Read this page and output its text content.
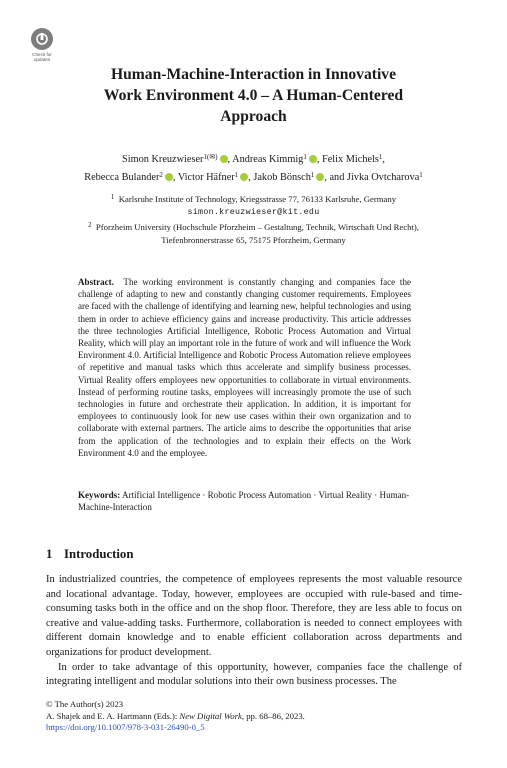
Check for
updates
Human-Machine-Interaction in Innovative
Work Environment 4.0 – A Human-Centered
Approach
Simon Kreuzwieser$^{1(✉)}$ , Andreas Kimmig$^1$ , Felix Michels$^1$,
Rebecca Bulander$^2$ , Victor Häfner$^1$ , Jakob Bönsch$^1$ , and Jivka Ovtcharova$^1$
$^1$ Karlsruhe Institute of Technology, Kriegsstrasse 77, 76133 Karlsruhe, Germany
simon.kreuzwieser@kit.edu
$^2$ Pforzheim University (Hochschule Pforzheim – Gestaltung, Technik, Wirtschaft Und Recht),
Tiefenbronnerstrasse 65, 75175 Pforzheim, Germany
Abstract. The working environment is constantly changing and companies face the challenge of adapting to new and constantly changing customer requirements. Employees are faced with the challenge of identifying and learning new, helpful technologies and using them in order to achieve efficiency gains and increase productivity. This article addresses the three technologies Artificial Intelligence, Robotic Process Automation and Virtual Reality, which will play an important role in the future of work and will influence the Work Environment 4.0. Artificial Intelligence and Robotic Process Automation relieve employees of repetitive and manual tasks which thus accelerate and simplify business processes. Virtual Reality offers employees new opportunities to collaborate in virtual environments. Instead of performing routine tasks, employees will increasingly promote the use of such technologies in future and orchestrate their application. In addition, it is important for employees to continuously look for new use cases within their own organization and to collaborate with external partners. The article aims to describe the opportunities that arise from the application of the technologies and to explain their effects on the Work Environment 4.0 and the employee.
Keywords: Artificial Intelligence · Robotic Process Automation · Virtual Reality · Human-Machine-Interaction
1 Introduction

In industrialized countries, the competence of employees represents the most valuable resource and locational advantage. Today, however, employees are occupied with rule-based and time-consuming tasks both in the office and on the shop floor. Therefore, they are less able to focus on creative and value-adding tasks. Furthermore, collaboration is needed to connect employees with different domain knowledge and to enable efficient collaboration across departments and organizations for product development.

In order to take advantage of this opportunity, however, companies face the challenge of integrating intelligent and modular solutions into their own business processes. The

© The Author(s) 2023
A. Shajek and E. A. Hartmann (Eds.): New Digital Work, pp. 68–86, 2023.
https://doi.org/10.1007/978-3-031-26490-0_5
